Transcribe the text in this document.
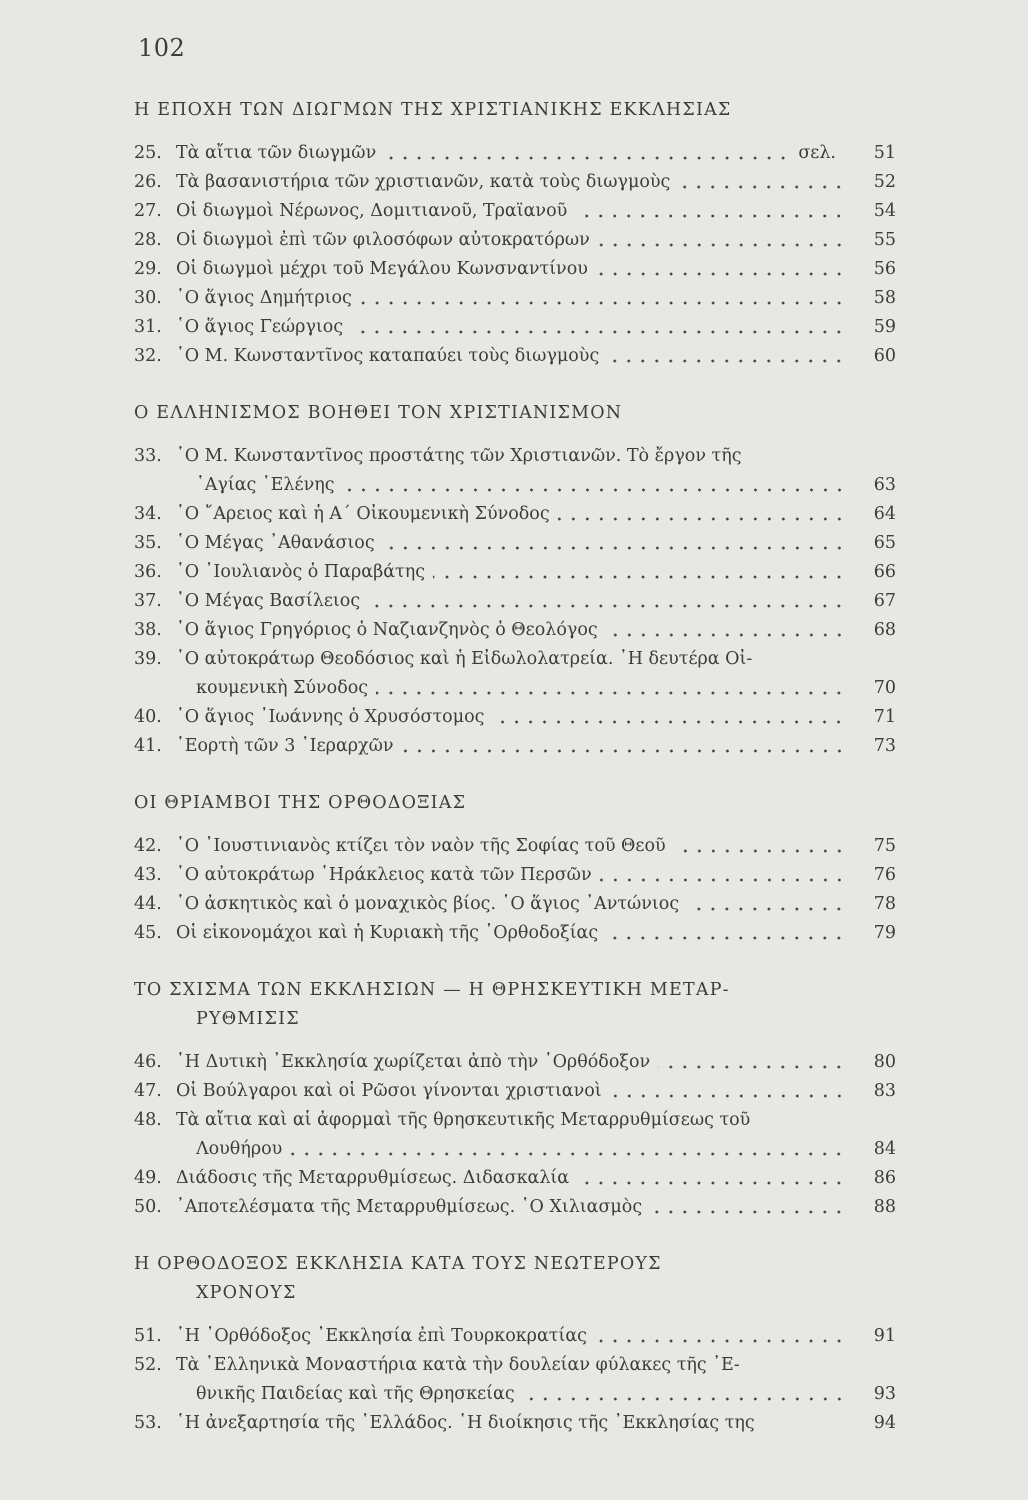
102
Η ΕΠΟΧΗ ΤΩΝ ΔΙΩΓΜΩΝ ΤΗΣ ΧΡΙΣΤΙΑΝΙΚΗΣ ΕΚΚΛΗΣΙΑΣ
25. Τὰ αἴτια τῶν διωγμῶν	σελ.	51
26. Τὰ βασανιστήρια τῶν χριστιανῶν, κατὰ τοὺς διωγμοὺς	52
27. Οἱ διωγμοὶ Νέρωνος, Δομιτιανοῦ, Τραϊανοῦ	54
28. Οἱ διωγμοὶ ἐπὶ τῶν φιλοσόφων αὐτοκρατόρων	55
29. Οἱ διωγμοὶ μέχρι τοῦ Μεγάλου Κωνσναντίνου	56
30. ῾Ο ἅγιος Δημήτριος	58
31. ῾Ο ἅγιος Γεώργιος	59
32. ῾Ο Μ. Κωνσταντῖνος καταπαύει τοὺς διωγμοὺς	60
Ο ΕΛΛΗΝΙΣΜΟΣ ΒΟΗΘΕΙ ΤΟΝ ΧΡΙΣΤΙΑΝΙΣΜΟΝ
33. ῾Ο Μ. Κωνσταντῖνος προστάτης τῶν Χριστιανῶν. Τὸ ἔργον τῆς
῾Αγίας ῾Ελένης	63
34. ῾Ο ῎Αρειος καὶ ἡ Α΄ Οἰκουμενικὴ Σύνοδος	64
35. ῾Ο Μέγας ᾿Αθανάσιος	65
36. ῾Ο ᾿Ιουλιανὸς ὁ Παραβάτης	66
37. ῾Ο Μέγας Βασίλειος	67
38. ῾Ο ἅγιος Γρηγόριος ὁ Ναζιανζηνὸς ὁ Θεολόγος	68
39. ῾Ο αὐτοκράτωρ Θεοδόσιος καὶ ἡ Εἰδωλολατρεία. ῾Η δευτέρα Οἰ-
κουμενικὴ Σύνοδος	70
40. ῾Ο ἅγιος ᾿Ιωάννης ὁ Χρυσόστομος	71
41. ῾Εορτὴ τῶν 3 ῾Ιεραρχῶν	73
ΟΙ ΘΡΙΑΜΒΟΙ ΤΗΣ ΟΡΘΟΔΟΞΙΑΣ
42. ῾Ο ᾿Ιουστινιανὸς κτίζει τὸν ναὸν τῆς Σοφίας τοῦ Θεοῦ	75
43. ῾Ο αὐτοκράτωρ ῾Ηράκλειος κατὰ τῶν Περσῶν	76
44. ῾Ο ἀσκητικὸς καὶ ὁ μοναχικὸς βίος. ῾Ο ἅγιος ᾿Αντώνιος	78
45. Οἱ εἰκονομάχοι καὶ ἡ Κυριακὴ τῆς ᾿Ορθοδοξίας	79
ΤΟ ΣΧΙΣΜΑ ΤΩΝ ΕΚΚΛΗΣΙΩΝ — Η ΘΡΗΣΚΕΥΤΙΚΗ ΜΕΤΑΡ-
ΡΥΘΜΙΣΙΣ
46. ῾Η Δυτικὴ ᾿Εκκλησία χωρίζεται ἀπὸ τὴν ᾿Ορθόδοξον	80
47. Οἱ Βούλγαροι καὶ οἱ Ρῶσοι γίνονται χριστιανοὶ	83
48. Τὰ αἴτια καὶ αἱ ἀφορμαὶ τῆς θρησκευτικῆς Μεταρρυθμίσεως τοῦ
Λουθήρου	84
49. Διάδοσις τῆς Μεταρρυθμίσεως. Διδασκαλία	86
50. ᾿Αποτελέσματα τῆς Μεταρρυθμίσεως. ῾Ο Χιλιασμὸς	88
Η ΟΡΘΟΔΟΞΟΣ ΕΚΚΛΗΣΙΑ ΚΑΤΑ ΤΟΥΣ ΝΕΩΤΕΡΟΥΣ
ΧΡΟΝΟΥΣ
51. ῾Η ᾿Ορθόδοξος ᾿Εκκλησία ἐπὶ Τουρκοκρατίας	91
52. Τὰ ῾Ελληνικὰ Μοναστήρια κατὰ τὴν δουλείαν φύλακες τῆς ᾿Ε-
θνικῆς Παιδείας καὶ τῆς Θρησκείας	93
53. ῾Η ἀνεξαρτησία τῆς ῾Ελλάδος. ῾Η διοίκησις τῆς ᾿Εκκλησίας της	94
